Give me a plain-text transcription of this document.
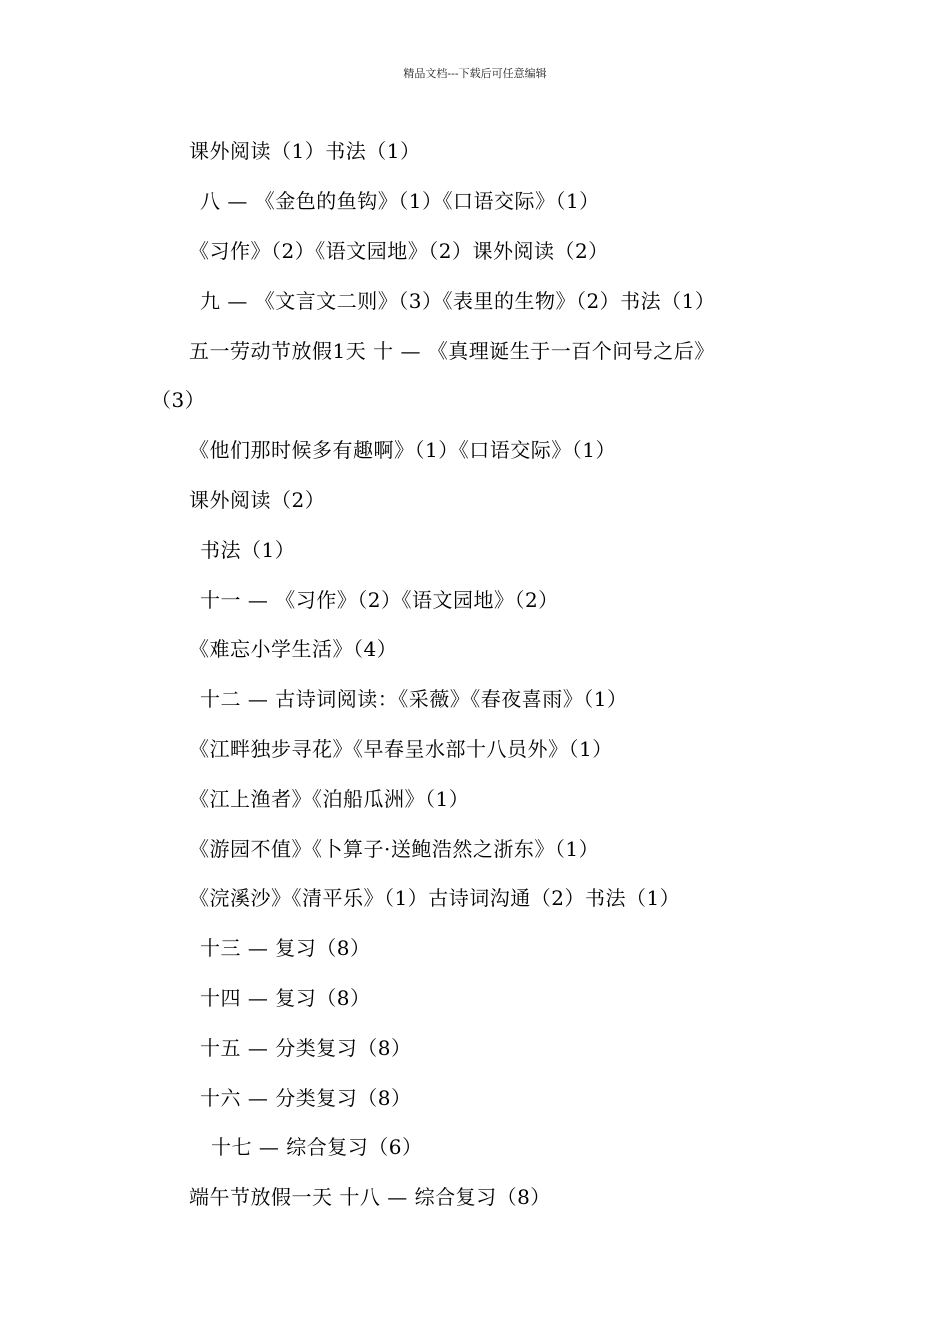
精品文档---下载后可任意编辑
课外阅读（1）书法（1）
八 — 《金色的鱼钩》（1）《口语交际》（1）
《习作》（2）《语文园地》（2）课外阅读（2）
九 — 《文言文二则》（3）《表里的生物》（2）书法（1）
五一劳动节放假1天 十 — 《真理诞生于一百个问号之后》
（3）
《他们那时候多有趣啊》（1）《口语交际》（1）
课外阅读（2）
书法（1）
十一 — 《习作》（2）《语文园地》（2）
《难忘小学生活》（4）
十二 — 古诗词阅读：《采薇》《春夜喜雨》（1）
《江畔独步寻花》《早春呈水部十八员外》（1）
《江上渔者》《泊船瓜洲》（1）
《游园不值》《卜算子·送鲍浩然之浙东》（1）
《浣溪沙》《清平乐》（1）古诗词沟通（2）书法（1）
十三 — 复习（8）
十四 — 复习（8）
十五 — 分类复习（8）
十六 — 分类复习（8）
十七 — 综合复习（6）
端午节放假一天 十八 — 综合复习（8）
